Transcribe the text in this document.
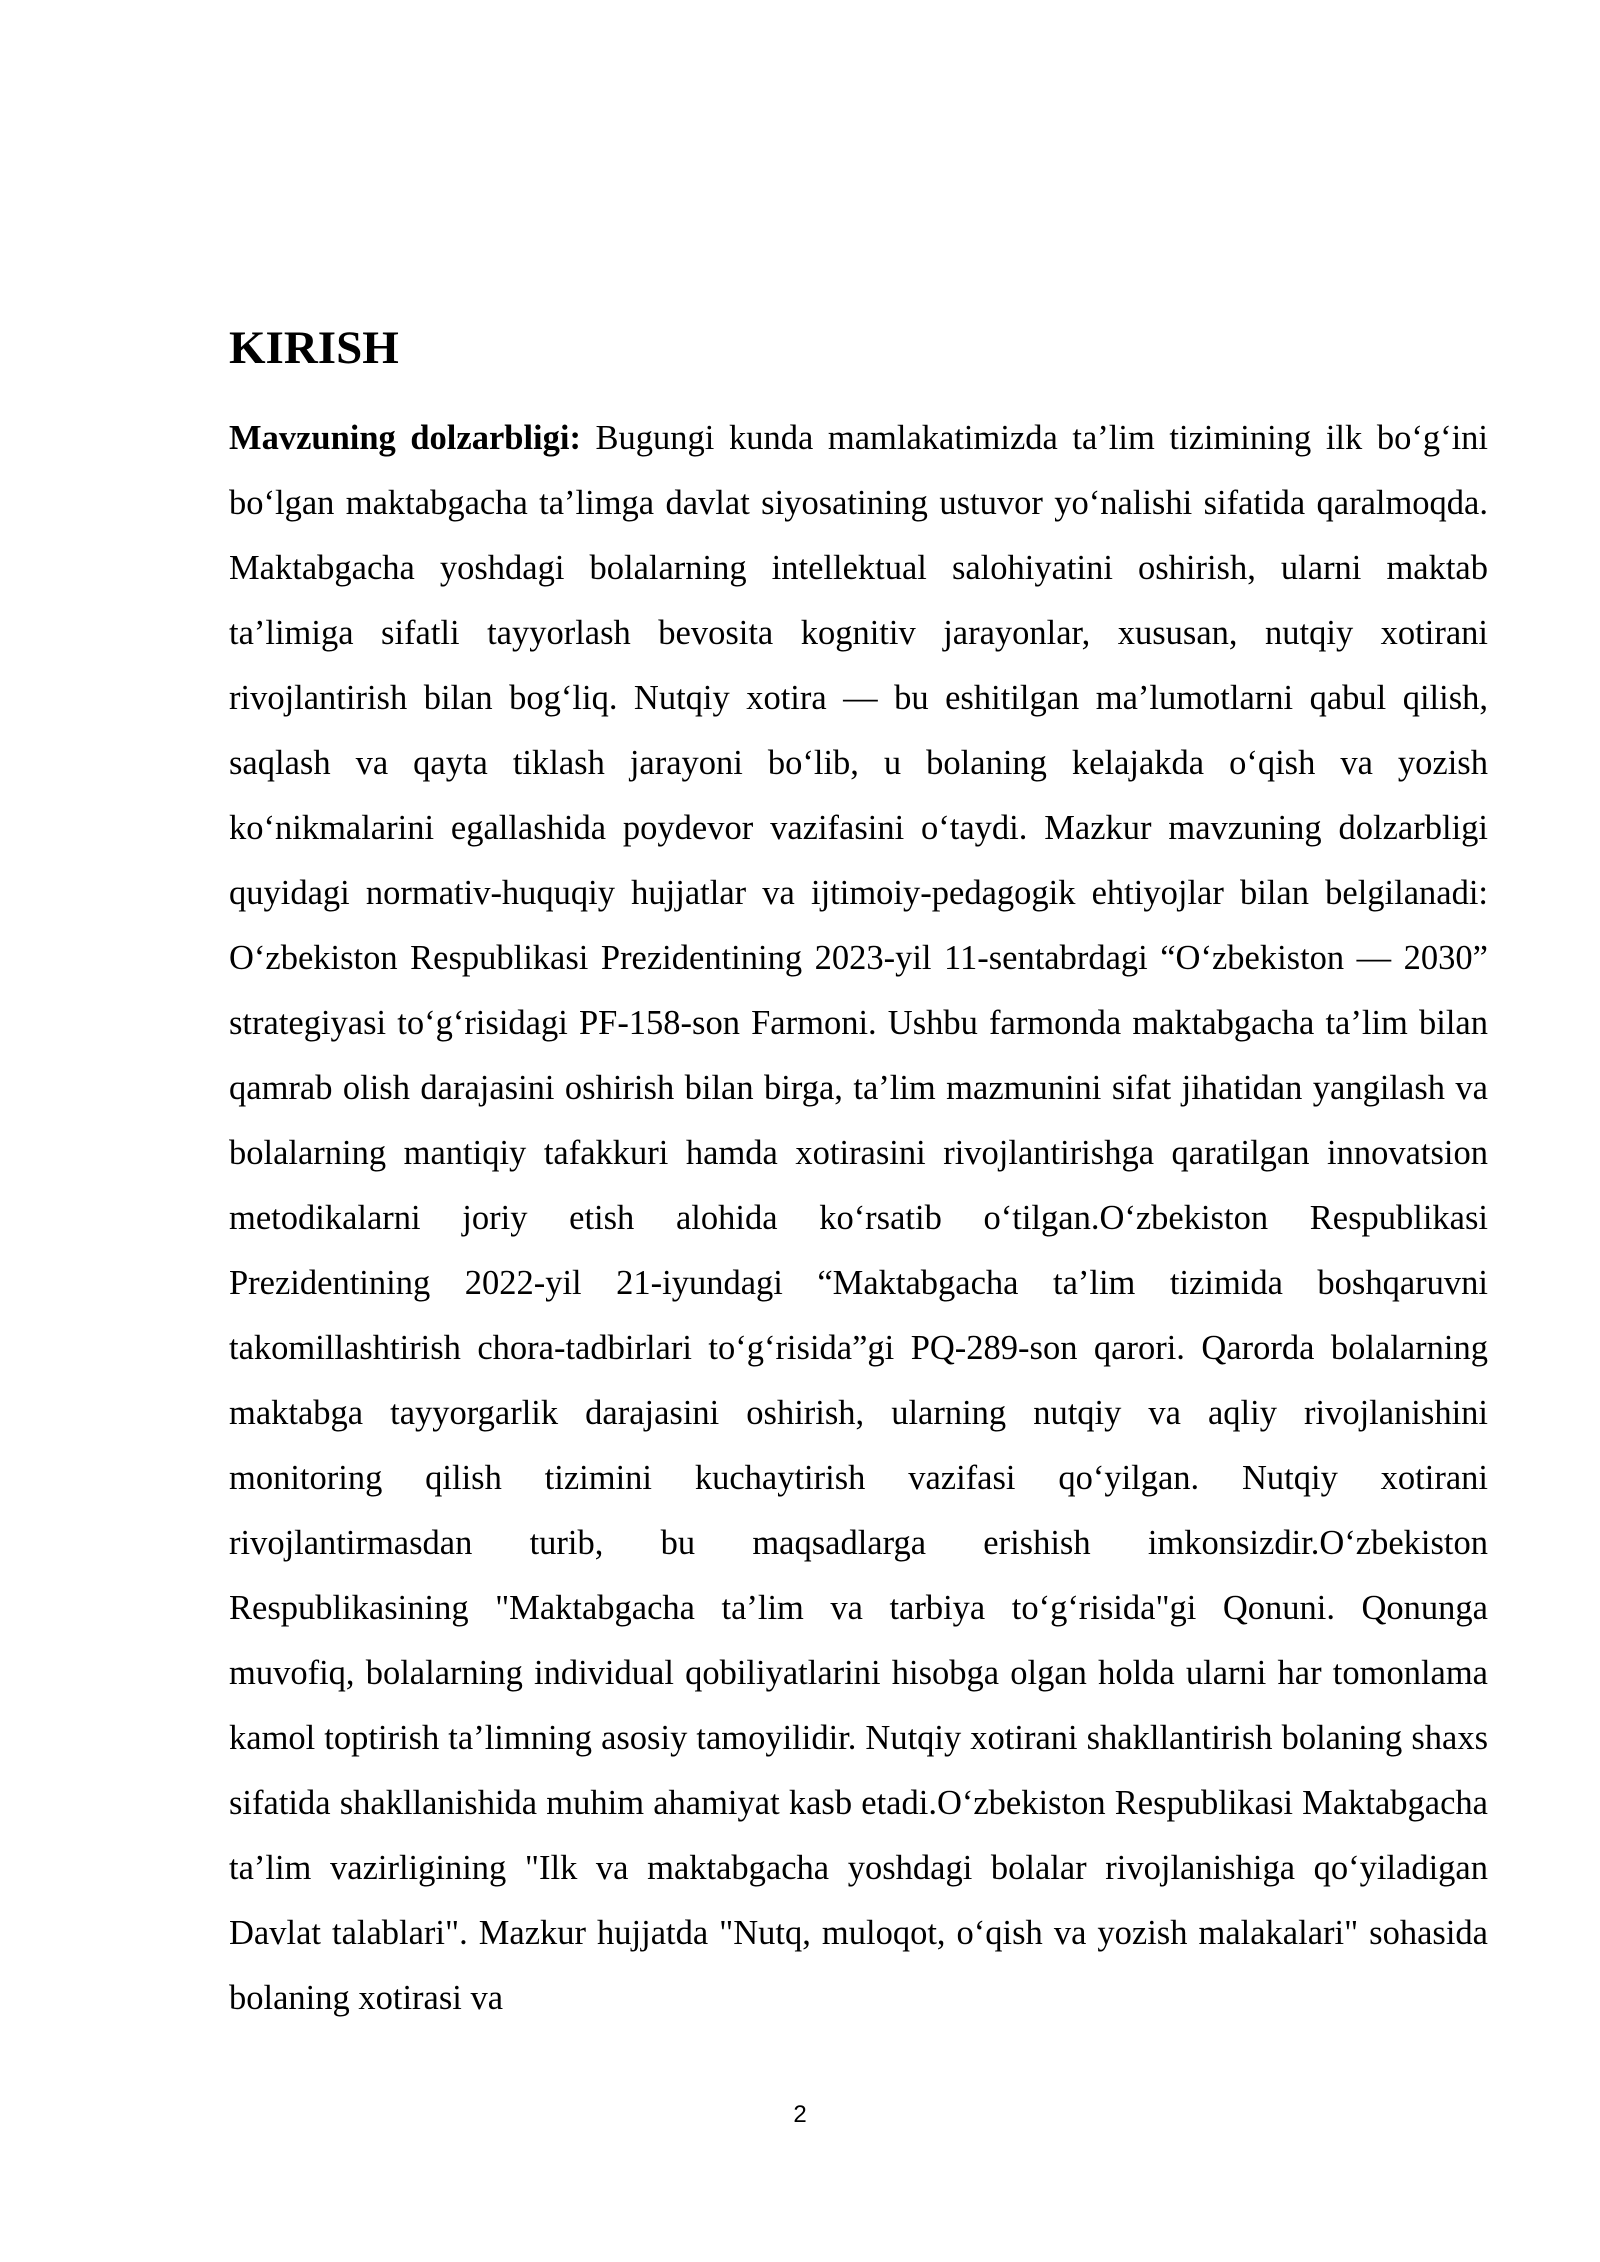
KIRISH

Mavzuning dolzarbligi: Bugungi kunda mamlakatimizda ta’lim tizimining ilk bo‘g‘ini bo‘lgan maktabgacha ta’limga davlat siyosatining ustuvor yo‘nalishi sifatida qaralmoqda. Maktabgacha yoshdagi bolalarning intellektual salohiyatini oshirish, ularni maktab ta’limiga sifatli tayyorlash bevosita kognitiv jarayonlar, xususan, nutqiy xotirani rivojlantirish bilan bog‘liq. Nutqiy xotira — bu eshitilgan ma’lumotlarni qabul qilish, saqlash va qayta tiklash jarayoni bo‘lib, u bolaning kelajakda o‘qish va yozish ko‘nikmalarini egallashida poydevor vazifasini o‘taydi. Mazkur mavzuning dolzarbligi quyidagi normativ-huquqiy hujjatlar va ijtimoiy-pedagogik ehtiyojlar bilan belgilanadi: O‘zbekiston Respublikasi Prezidentining 2023-yil 11-sentabrdagi “O‘zbekiston — 2030” strategiyasi to‘g‘risidagi PF-158-son Farmoni. Ushbu farmonda maktabgacha ta’lim bilan qamrab olish darajasini oshirish bilan birga, ta’lim mazmunini sifat jihatidan yangilash va bolalarning mantiqiy tafakkuri hamda xotirasini rivojlantirishga qaratilgan innovatsion metodikalarni joriy etish alohida ko‘rsatib o‘tilgan.O‘zbekiston Respublikasi Prezidentining 2022-yil 21-iyundagi “Maktabgacha ta’lim tizimida boshqaruvni takomillashtirish chora-tadbirlari to‘g‘risida”gi PQ-289-son qarori. Qarorda bolalarning maktabga tayyorgarlik darajasini oshirish, ularning nutqiy va aqliy rivojlanishini monitoring qilish tizimini kuchaytirish vazifasi qo‘yilgan. Nutqiy xotirani rivojlantirmasdan turib, bu maqsadlarga erishish imkonsizdir.O‘zbekiston Respublikasining "Maktabgacha ta’lim va tarbiya to‘g‘risida"gi Qonuni. Qonunga muvofiq, bolalarning individual qobiliyatlarini hisobga olgan holda ularni har tomonlama kamol toptirish ta’limning asosiy tamoyilidir. Nutqiy xotirani shakllantirish bolaning shaxs sifatida shakllanishida muhim ahamiyat kasb etadi.O‘zbekiston Respublikasi Maktabgacha ta’lim vazirligining "Ilk va maktabgacha yoshdagi bolalar rivojlanishiga qo‘yiladigan Davlat talablari". Mazkur hujjatda "Nutq, muloqot, o‘qish va yozish malakalari" sohasida bolaning xotirasi va

2
